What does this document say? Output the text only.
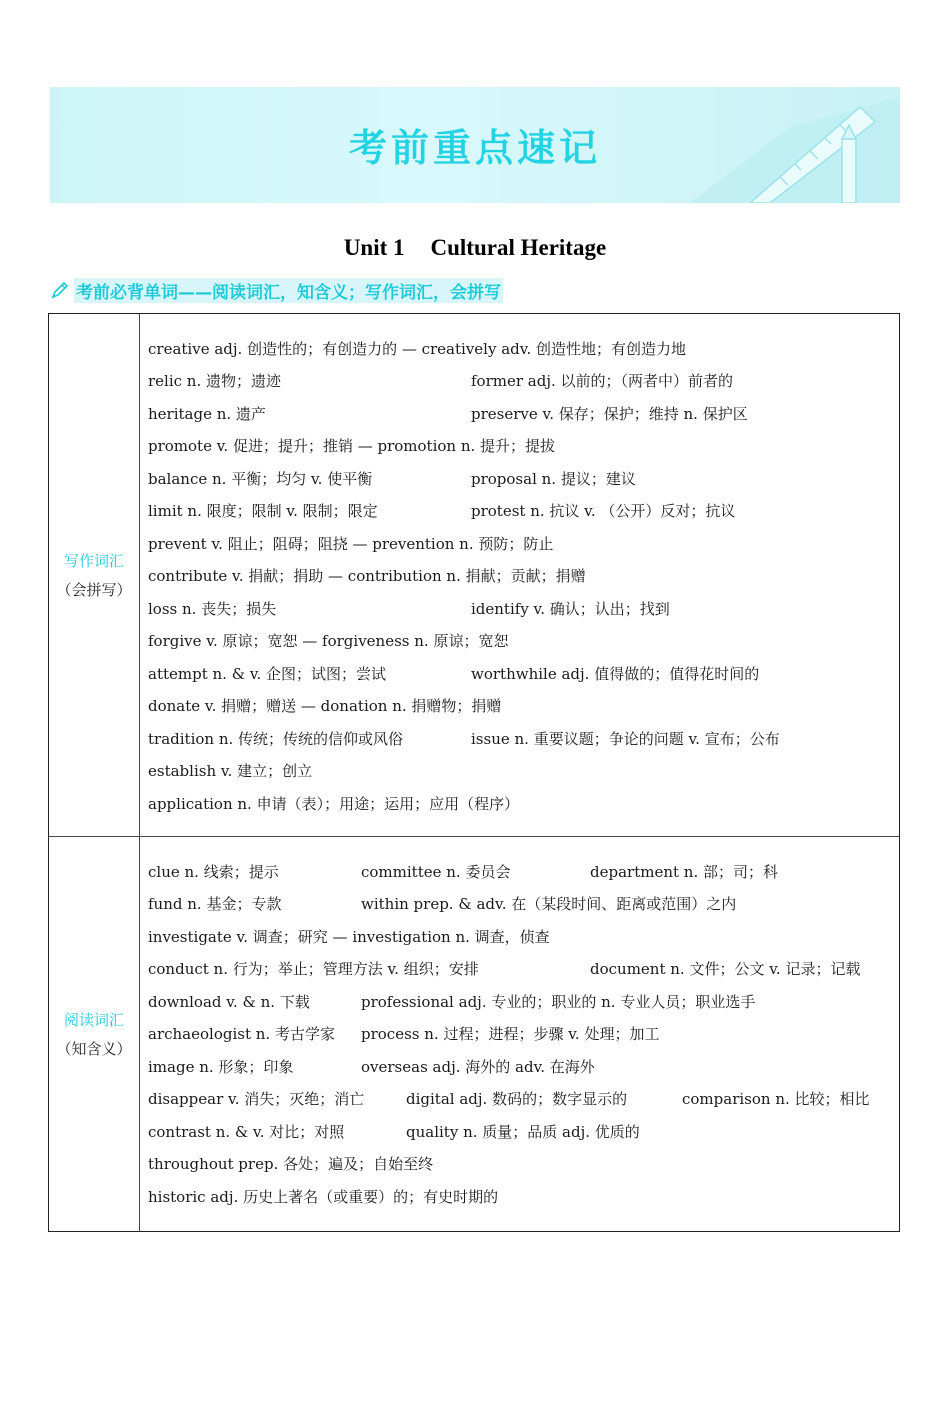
考前重点速记
Unit 1 Cultural Heritage
考前必背单词——阅读词汇，知含义；写作词汇，会拼写
写作词汇
（会拼写）
creative adj. 创造性的；有创造力的 — creatively adv. 创造性地；有创造力地
relic n. 遗物；遗迹	former adj. 以前的；（两者中）前者的
heritage n. 遗产	preserve v. 保存；保护；维持 n. 保护区
promote v. 促进；提升；推销 — promotion n. 提升；提拔
balance n. 平衡；均匀 v. 使平衡	proposal n. 提议；建议
limit n. 限度；限制 v. 限制；限定	protest n. 抗议 v. （公开）反对；抗议
prevent v. 阻止；阻碍；阻挠 — prevention n. 预防；防止
contribute v. 捐献；捐助 — contribution n. 捐献；贡献；捐赠
loss n. 丧失；损失	identify v. 确认；认出；找到
forgive v. 原谅；宽恕 — forgiveness n. 原谅；宽恕
attempt n. & v. 企图；试图；尝试	worthwhile adj. 值得做的；值得花时间的
donate v. 捐赠；赠送 — donation n. 捐赠物；捐赠
tradition n. 传统；传统的信仰或风俗	issue n. 重要议题；争论的问题 v. 宣布；公布
establish v. 建立；创立
application n. 申请（表）；用途；运用；应用（程序）
阅读词汇
（知含义）
clue n. 线索；提示	committee n. 委员会	department n. 部；司；科
fund n. 基金；专款	within prep. & adv. 在（某段时间、距离或范围）之内
investigate v. 调查；研究 — investigation n. 调查，侦查
conduct n. 行为；举止；管理方法 v. 组织；安排	document n. 文件；公文 v. 记录；记载
download v. & n. 下载	professional adj. 专业的；职业的 n. 专业人员；职业选手
archaeologist n. 考古学家 process n. 过程；进程；步骤 v. 处理；加工
image n. 形象；印象	overseas adj. 海外的 adv. 在海外
disappear v. 消失；灭绝；消亡	digital adj. 数码的；数字显示的	comparison n. 比较；相比
contrast n. & v. 对比；对照	quality n. 质量；品质 adj. 优质的
throughout prep. 各处；遍及；自始至终
historic adj. 历史上著名（或重要）的；有史时期的
